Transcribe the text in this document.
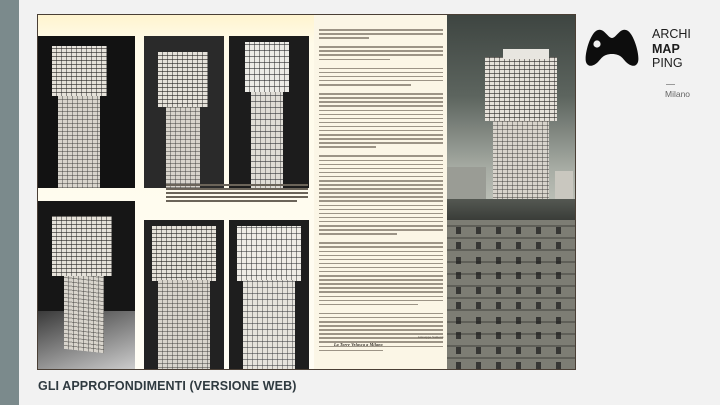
Giuseppe Samonà
La Torre Velasca a Milano
ARCHI
MAP
PING
Milano
GLI APPROFONDIMENTI (VERSIONE WEB)
